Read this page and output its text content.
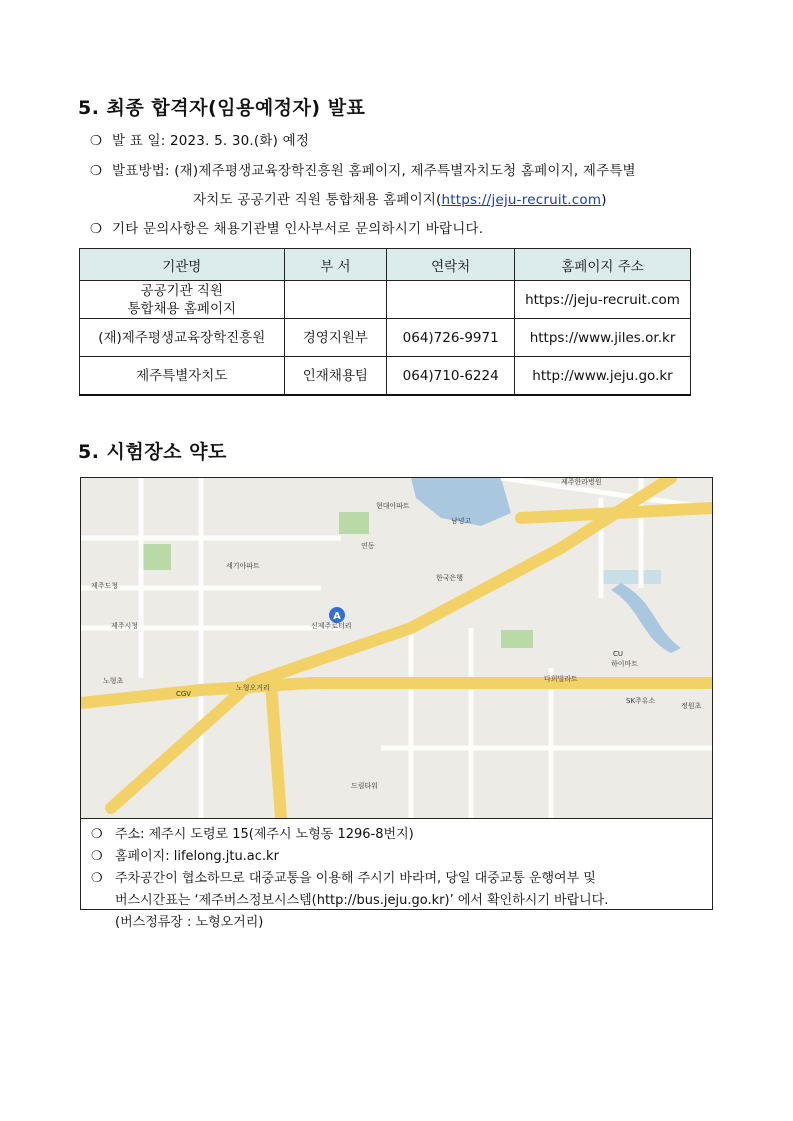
5. 최종 합격자(임용예정자) 발표
❍ 발 표 일: 2023. 5. 30.(화) 예정
❍ 발표방법: (재)제주평생교육장학진흥원 홈페이지, 제주특별자치도청 홈페이지, 제주특별
자치도 공공기관 직원 통합채용 홈페이지(https://jeju-recruit.com)
❍ 기타 문의사항은 채용기관별 인사부서로 문의하시기 바랍니다.
기관명	부 서	연락처	홈페이지 주소
공공기관 직원
통합채용 홈페이지			https://jeju-recruit.com
(재)제주평생교육장학진흥원	경영지원부	064)726-9971	https://www.jiles.or.kr
제주특별자치도	인재채용팀	064)710-6224	http://www.jeju.go.kr
5. 시험장소 약도
A
제주한라병원
현대아파트
남녕고
신제주로터리
노형오거리
제주시청
CGV
한국은행
다희빌라트
하이마트
SK주유소
드림타워
CU
세기아파트
연동
정원초
노형초
제주도청
❍ 주소: 제주시 도령로 15(제주시 노형동 1296-8번지)
❍ 홈페이지: lifelong.jtu.ac.kr
❍ 주차공간이 협소하므로 대중교통을 이용해 주시기 바라며, 당일 대중교통 운행여부 및
버스시간표는 ‘제주버스정보시스템(http://bus.jeju.go.kr)’ 에서 확인하시기 바랍니다.
(버스정류장 : 노형오거리)
